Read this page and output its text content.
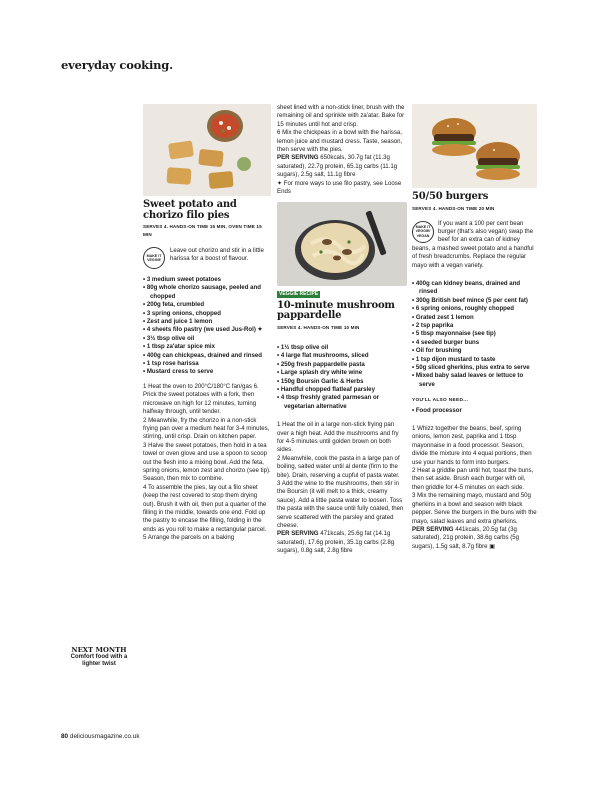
everyday cooking.
Sweet potato and chorizo filo pies
SERVES 4. HANDS-ON TIME 15 MIN, OVEN TIME 15 MIN
MAKE IT VEGGIE
Leave out chorizo and stir in a little harissa for a boost of flavour.
• 3 medium sweet potatoes
• 80g whole chorizo sausage, peeled and chopped
• 200g feta, crumbled
• 3 spring onions, chopped
• Zest and juice 1 lemon
• 4 sheets filo pastry (we used Jus-Rol) ✦
• 3½ tbsp olive oil
• 1 tbsp za'atar spice mix
• 400g can chickpeas, drained and rinsed
• 1 tsp rose harissa
• Mustard cress to serve

1 Heat the oven to 200°C/180°C fan/gas 6. Prick the sweet potatoes with a fork, then microwave on high for 12 minutes, turning halfway through, until tender.

2 Meanwhile, fry the chorizo in a non-stick frying pan over a medium heat for 3-4 minutes, stirring, until crisp. Drain on kitchen paper.

3 Halve the sweet potatoes, then hold in a tea towel or oven glove and use a spoon to scoop out the flesh into a mixing bowl. Add the feta, spring onions, lemon zest and chorizo (see tip). Season, then mix to combine.

4 To assemble the pies, lay out a filo sheet (keep the rest covered to stop them drying out). Brush it with oil, then put a quarter of the filling in the middle, towards one end. Fold up the pastry to encase the filling, folding in the ends as you roll to make a rectangular parcel.

5 Arrange the parcels on a baking

sheet lined with a non-stick liner, brush with the remaining oil and sprinkle with za'atar. Bake for 15 minutes until hot and crisp.

6 Mix the chickpeas in a bowl with the harissa, lemon juice and mustard cress. Taste, season, then serve with the pies.

PER SERVING 650kcals, 30.7g fat (11.3g saturated), 22.7g protein, 65.1g carbs (11.1g sugars), 2.5g salt, 11.1g fibre

✦ For more ways to use filo pastry, see Loose Ends

VEGGIE RECIPE
10-minute mushroom pappardelle
SERVES 4. HANDS-ON TIME 10 MIN
• 1½ tbsp olive oil
• 4 large flat mushrooms, sliced
• 250g fresh pappardelle pasta
• Large splash dry white wine
• 150g Boursin Garlic & Herbs
• Handful chopped flatleaf parsley
• 4 tbsp freshly grated parmesan or vegetarian alternative

1 Heat the oil in a large non-stick frying pan over a high heat. Add the mushrooms and fry for 4-5 minutes until golden brown on both sides.

2 Meanwhile, cook the pasta in a large pan of boiling, salted water until al dente (firm to the bite). Drain, reserving a cupful of pasta water.

3 Add the wine to the mushrooms, then stir in the Boursin (it will melt to a thick, creamy sauce). Add a little pasta water to loosen. Toss the pasta with the sauce until fully coated, then serve scattered with the parsley and grated cheese.

PER SERVING 471kcals, 25.6g fat (14.1g saturated), 17.6g protein, 35.1g carbs (2.8g sugars), 0.8g salt, 2.8g fibre

50/50 burgers
SERVES 4. HANDS-ON TIME 20 MIN
MAKE IT VEGGIE/ VEGAN
If you want a 100 per cent bean burger (that's also vegan) swap the beef for an extra can of kidney beans, a mashed sweet potato and a handful of fresh breadcrumbs. Replace the regular mayo with a vegan variety.
• 400g can kidney beans, drained and rinsed
• 300g British beef mince (5 per cent fat)
• 6 spring onions, roughly chopped
• Grated zest 1 lemon
• 2 tsp paprika
• 5 tbsp mayonnaise (see tip)
• 4 seeded burger buns
• Oil for brushing
• 1 tsp dijon mustard to taste
• 50g sliced gherkins, plus extra to serve
• Mixed baby salad leaves or lettuce to serve
YOU'LL ALSO NEED...
• Food processor

1 Whizz together the beans, beef, spring onions, lemon zest, paprika and 1 tbsp mayonnaise in a food processor. Season, divide the mixture into 4 equal portions, then use your hands to form into burgers.

2 Heat a griddle pan until hot, toast the buns, then set aside. Brush each burger with oil, then griddle for 4-5 minutes on each side.

3 Mix the remaining mayo, mustard and 50g gherkins in a bowl and season with black pepper. Serve the burgers in the buns with the mayo, salad leaves and extra gherkins.

PER SERVING 441kcals, 20.5g fat (3g saturated), 21g protein, 38.6g carbs (5g sugars), 1.5g salt, 8.7g fibre ▣

NEXT MONTH
Comfort food with a lighter twist
80 deliciousmagazine.co.uk
